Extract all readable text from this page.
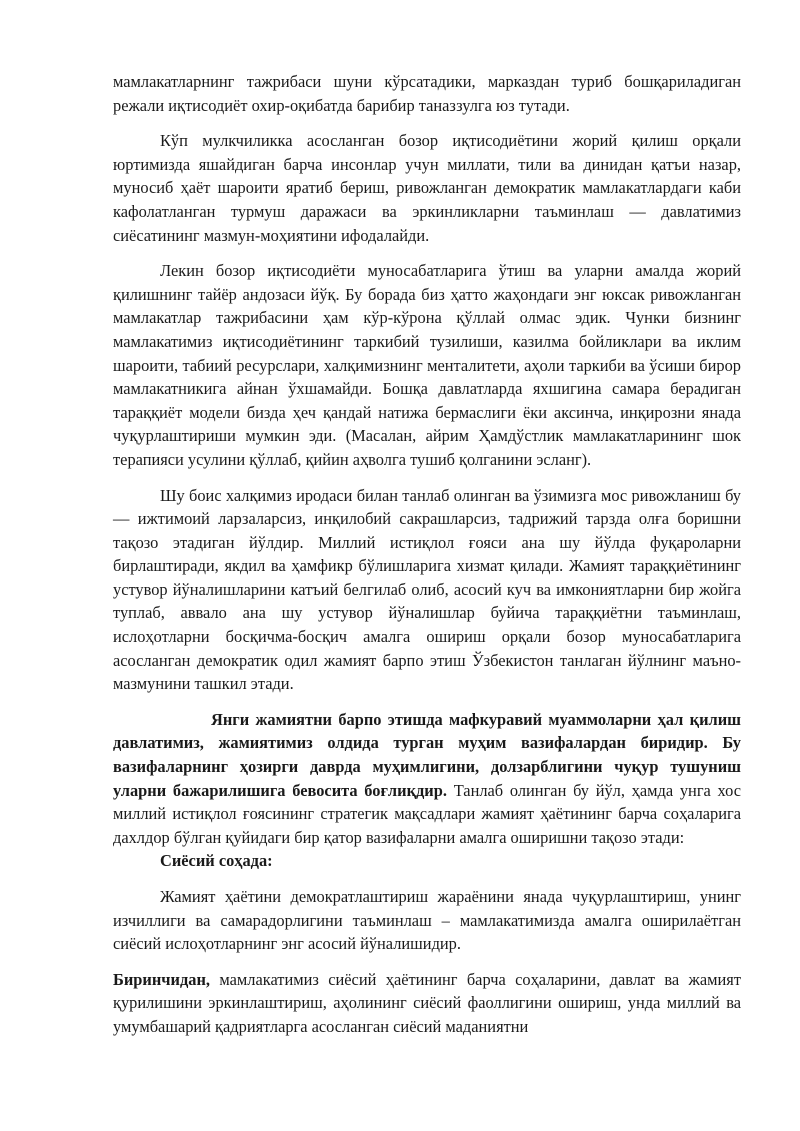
мамлакатларнинг тажрибаси шуни кўрсатадики, марказдан туриб бошқариладиган режали иқтисодиёт охир-оқибатда барибир таназзулга юз тутади.

Кўп мулкчиликка асосланган бозор иқтисодиётини жорий қилиш орқали юртимизда яшайдиган барча инсонлар учун миллати, тили ва динидан қатъи назар, муносиб ҳаёт шароити яратиб бериш, ривожланган демократик мамлакатлардаги каби кафолатланган турмуш даражаси ва эркинликларни таъминлаш — давлатимиз сиёсатининг мазмун-моҳиятини ифодалайди.

Лекин бозор иқтисодиёти муносабатларига ўтиш ва уларни амалда жорий қилишнинг тайёр андозаси йўқ. Бу борада биз ҳатто жаҳондаги энг юксак ривожланган мамлакатлар тажрибасини ҳам кўр-кўрона қўллай олмас эдик. Чунки бизнинг мамлакатимиз иқтисодиётининг таркибий тузилиши, казилма бойликлари ва иклим шароити, табиий ресурслари, халқимизнинг менталитети, аҳоли таркиби ва ўсиши бирор мамлакатникига айнан ўхшамайди. Бошқа давлатларда яхшигина самара берадиган тараққиёт модели бизда ҳеч қандай натижа бермаслиги ёки аксинча, инқирозни янада чуқурлаштириши мумкин эди. (Масалан, айрим Ҳамдўстлик мамлакатларининг шок терапияси усулини қўллаб, қийин аҳволга тушиб қолганини эсланг).

Шу боис халқимиз иродаси билан танлаб олинган ва ўзимизга мос ривожланиш бу — ижтимоий ларзаларсиз, инқилобий сакрашларсиз, тадрижий тарзда олға боришни тақозо этадиган йўлдир. Миллий истиқлол ғояси ана шу йўлда фуқароларни бирлаштиради, якдил ва ҳамфикр бўлишларига хизмат қилади. Жамият тараққиётининг устувор йўналишларини катъий белгилаб олиб, асосий куч ва имкониятларни бир жойга туплаб, аввало ана шу устувор йўналишлар буйича тараққиётни таъминлаш, ислоҳотларни босқичма-босқич амалга ошириш орқали бозор муносабатларига асосланган демократик одил жамият барпо этиш Ўзбекистон танлаган йўлнинг маъно-мазмунини ташкил этади.

Янги жамиятни барпо этишда мафкуравий муаммоларни ҳал қилиш давлатимиз, жамиятимиз олдида турган муҳим вазифалардан биридир. Бу вазифаларнинг ҳозирги даврда муҳимлигини, долзарблигини чуқур тушуниш уларни бажарилишига бевосита боғлиқдир. Танлаб олинган бу йўл, ҳамда унга хос миллий истиқлол ғоясининг стратегик мақсадлари жамият ҳаётининг барча соҳаларига дахлдор бўлган қуйидаги бир қатор вазифаларни амалга оширишни тақозо этади:

Сиёсий соҳада:

Жамият ҳаётини демократлаштириш жараёнини янада чуқурлаштириш, унинг изчиллиги ва самарадорлигини таъминлаш – мамлакатимизда амалга оширилаётган сиёсий ислоҳотларнинг энг асосий йўналишидир.

Биринчидан, мамлакатимиз сиёсий ҳаётининг барча соҳаларини, давлат ва жамият қурилишини эркинлаштириш, аҳолининг сиёсий фаоллигини ошириш, унда миллий ва умумбашарий қадриятларга асосланган сиёсий маданиятни
